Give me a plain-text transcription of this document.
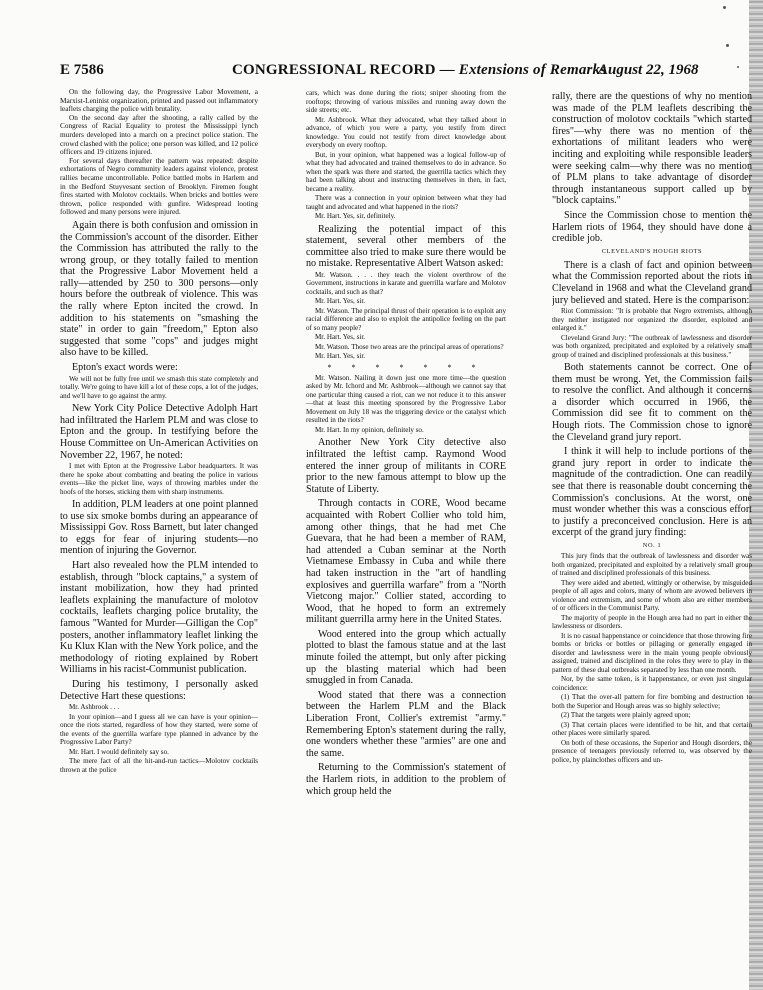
E 7586	CONGRESSIONAL RECORD — Extensions of Remarks
August 22, 1968

On the following day, the Progressive Labor Movement, a Marxist-Leninist organization, printed and passed out inflammatory leaflets charging the police with brutality.

On the second day after the shooting, a rally called by the Congress of Racial Equality to protest the Mississippi lynch murders developed into a march on a precinct police station. The crowd clashed with the police; one person was killed, and 12 police officers and 19 citizens injured.

For several days thereafter the pattern was repeated: despite exhortations of Negro community leaders against violence, protest rallies became uncontrollable. Police battled mobs in Harlem and in the Bedford Stuyvesant section of Brooklyn. Firemen fought fires started with Molotov cocktails. When bricks and bottles were thrown, police responded with gunfire. Widespread looting followed and many persons were injured.

Again there is both confusion and omission in the Commission's account of the disorder. Either the Commission has attributed the rally to the wrong group, or they totally failed to mention that the Progressive Labor Movement held a rally—attended by 250 to 300 persons—only hours before the outbreak of violence. This was the rally where Epton incited the crowd. In addition to his statements on "smashing the state" in order to gain "freedom," Epton also suggested that some "cops" and judges might also have to be killed.

Epton's exact words were:

We will not be fully free until we smash this state completely and totally. We're going to have kill a lot of these cops, a lot of the judges, and we'll have to go against the army.

New York City Police Detective Adolph Hart had infiltrated the Harlem PLM and was close to Epton and the group. In testifying before the House Committee on Un-American Activities on November 22, 1967, he noted:

I met with Epton at the Progressive Labor headquarters. It was there he spoke about combatting and beating the police in various events—like the picket line, ways of throwing marbles under the hoofs of the horses, sticking them with sharp instruments.

In addition, PLM leaders at one point planned to use six smoke bombs during an appearance of Mississippi Gov. Ross Barnett, but later changed to eggs for fear of injuring students—no mention of injuring the Governor.

Hart also revealed how the PLM intended to establish, through "block captains," a system of instant mobilization, how they had printed leaflets explaining the manufacture of molotov cocktails, leaflets charging police brutality, the famous "Wanted for Murder—Gilligan the Cop" posters, another inflammatory leaflet linking the Ku Klux Klan with the New York police, and the methodology of rioting explained by Robert Williams in his racist-Communist publication.

During his testimony, I personally asked Detective Hart these questions:

Mr. Ashbrook . . .

In your opinion—and I guess all we can have is your opinion—once the riots started, regardless of how they started, were some of the events of the guerrilla warfare type planned in advance by the Progressive Labor Party?

Mr. Hart. I would definitely say so.

The mere fact of all the hit-and-run tactics—Molotov cocktails thrown at the police

cars, which was done during the riots; sniper shooting from the rooftops; throwing of various missiles and running away down the side streets; etc.

Mr. Ashbrook. What they advocated, what they talked about in advance, of which you were a party, you testify from direct knowledge. You could not testify from direct knowledge about everybody on every rooftop.

But, in your opinion, what happened was a logical follow-up of what they had advocated and trained themselves to do in advance. So when the spark was there and started, the guerrilla tactics which they had been talking about and instructing themselves in then, in fact, became a reality.

There was a connection in your opinion between what they had taught and advocated and what happened in the riots?

Mr. Hart. Yes, sir, definitely.

Realizing the potential impact of this statement, several other members of the committee also tried to make sure there would be no mistake. Representative Albert Watson asked:

Mr. Watson. . . . they teach the violent overthrow of the Government, instructions in karate and guerrilla warfare and Molotov cocktails, and such as that?

Mr. Hart. Yes, sir.

Mr. Watson. The principal thrust of their operation is to exploit any racial difference and also to exploit the antipolice feeling on the part of so many people?

Mr. Hart. Yes, sir.

Mr. Watson. Those two areas are the principal areas of operations?

Mr. Hart. Yes, sir.

* * * * * * *

Mr. Watson. Nailing it down just one more time—the question asked by Mr. Ichord and Mr. Ashbrook—although we cannot say that one particular thing caused a riot, can we not reduce it to this answer—that at least this meeting sponsored by the Progressive Labor Movement on July 18 was the triggering device or the catalyst which resulted in the riots?

Mr. Hart. In my opinion, definitely so.

Another New York City detective also infiltrated the leftist camp. Raymond Wood entered the inner group of militants in CORE prior to the new famous attempt to blow up the Statute of Liberty.

Through contacts in CORE, Wood became acquainted with Robert Collier who told him, among other things, that he had met Che Guevara, that he had been a member of RAM, had attended a Cuban seminar at the North Vietnamese Embassy in Cuba and while there had taken instruction in the "art of handling explosives and guerrilla warfare" from a "North Vietcong major." Collier stated, according to Wood, that he hoped to form an extremely militant guerrilla army here in the United States.

Wood entered into the group which actually plotted to blast the famous statue and at the last minute foiled the attempt, but only after picking up the blasting material which had been smuggled in from Canada.

Wood stated that there was a connection between the Harlem PLM and the Black Liberation Front, Collier's extremist "army." Remembering Epton's statement during the rally, one wonders whether these "armies" are one and the same.

Returning to the Commission's statement of the Harlem riots, in addition to the problem of which group held the

rally, there are the questions of why no mention was made of the PLM leaflets describing the construction of molotov cocktails "which started fires"—why there was no mention of the exhortations of militant leaders who were inciting and exploiting while responsible leaders were seeking calm—why there was no mention of PLM plans to take advantage of disorder through instantaneous support called up by "block captains."

Since the Commission chose to mention the Harlem riots of 1964, they should have done a credible job.

CLEVELAND'S HOUGH RIOTS

There is a clash of fact and opinion between what the Commission reported about the riots in Cleveland in 1968 and what the Cleveland grand jury believed and stated. Here is the comparison:

Riot Commission: "It is probable that Negro extremists, although they neither instigated nor organized the disorder, exploited and enlarged it."

Cleveland Grand Jury: "The outbreak of lawlessness and disorder was both organized, precipitated and exploited by a relatively small group of trained and disciplined professionals at this business."

Both statements cannot be correct. One of them must be wrong. Yet, the Commission fails to resolve the conflict. And although it concerns a disorder which occurred in 1966, the Commission did see fit to comment on the Hough riots. The Commission chose to ignore the Cleveland grand jury report.

I think it will help to include portions of the grand jury report in order to indicate the magnitude of the contradiction. One can readily see that there is reasonable doubt concerning the Commission's conclusions. At the worst, one must wonder whether this was a conscious effort to justify a preconceived conclusion. Here is an excerpt of the grand jury finding:

NO. 1

This jury finds that the outbreak of lawlessness and disorder was both organized, precipitated and exploited by a relatively small group of trained and disciplined professionals of this business.

They were aided and abetted, wittingly or otherwise, by misguided people of all ages and colors, many of whom are avowed believers in violence and extremism, and some of whom also are either members of or officers in the Communist Party.

The majority of people in the Hough area had no part in either the lawlessness or disorders.

It is no casual happenstance or coincidence that those throwing fire bombs or bricks or bottles or pillaging or generally engaged in disorder and lawlessness were in the main young people obviously assigned, trained and disciplined in the roles they were to play in the pattern of these dual outbreaks separated by less than one month.

Nor, by the same token, is it happenstance, or even just singular coincidence:

(1) That the over-all pattern for fire bombing and destruction to both the Superior and Hough areas was so highly selective;

(2) That the targets were plainly agreed upon;

(3) That certain places were identified to be hit, and that certain other places were similarly spared.

On both of these occasions, the Superior and Hough disorders, the presence of teenagers previously referred to, was observed by the police, by plainclothes officers and un-
